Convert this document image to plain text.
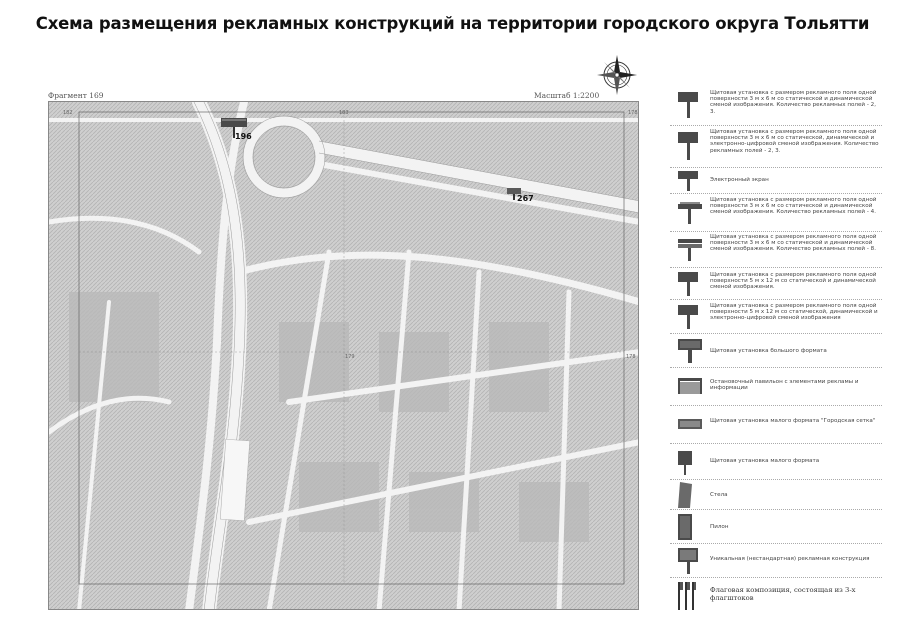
Схема размещения рекламных конструкций на территории городского округа Тольятти
Фрагмент 169	Масштаб 1:2200
182	183	178
179	178
196
267
Щитовая установка с размером рекламного поля одной поверхности 3 м х 6 м со статической и динамической сменой изображения. Количество рекламных полей - 2, 3.
Щитовая установка с размером рекламного поля одной поверхности 3 м х 6 м со статической, динамической и электронно-цифровой сменой изображения. Количество рекламных полей - 2, 3.
Электронный экран
Щитовая установка с размером рекламного поля одной поверхности 3 м х 6 м со статической и динамической сменой изображения. Количество рекламных полей - 4.
Щитовая установка с размером рекламного поля одной поверхности 3 м х 6 м со статической и динамической сменой изображения. Количество рекламных полей - 8.
Щитовая установка с размером рекламного поля одной поверхности 5 м х 12 м со статической и динамической сменой изображения.
Щитовая установка с размером рекламного поля одной поверхности 5 м х 12 м со статической, динамической и электронно-цифровой сменой изображения
Щитовая установка большого формата
Остановочный павильон с элементами рекламы и информации
Щитовая установка малого формата "Городская сетка"
Щитовая установка малого формата
Стела
Пилон
Уникальная (нестандартная) рекламная конструкция
Флаговая композиция, состоящая из 3-х флагштоков
